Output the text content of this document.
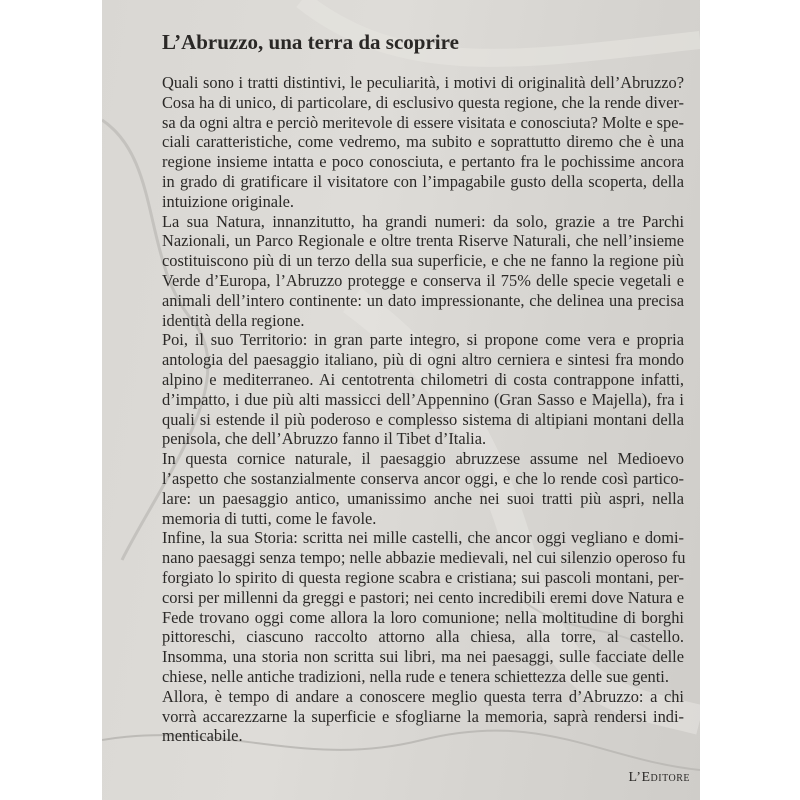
L’Abruzzo, una terra da scoprire
Quali sono i tratti distintivi, le peculiarità, i motivi di originalità dell’Abruzzo?
Cosa ha di unico, di particolare, di esclusivo questa regione, che la rende diver-
sa da ogni altra e perciò meritevole di essere visitata e conosciuta? Molte e spe-
ciali caratteristiche, come vedremo, ma subito e soprattutto diremo che è una
regione insieme intatta e poco conosciuta, e pertanto fra le pochissime ancora
in grado di gratificare il visitatore con l’impagabile gusto della scoperta, della
intuizione originale.
La sua Natura, innanzitutto, ha grandi numeri: da solo, grazie a tre Parchi
Nazionali, un Parco Regionale e oltre trenta Riserve Naturali, che nell’insieme
costituiscono più di un terzo della sua superficie, e che ne fanno la regione più
Verde d’Europa, l’Abruzzo protegge e conserva il 75% delle specie vegetali e
animali dell’intero continente: un dato impressionante, che delinea una precisa
identità della regione.
Poi, il suo Territorio: in gran parte integro, si propone come vera e propria
antologia del paesaggio italiano, più di ogni altro cerniera e sintesi fra mondo
alpino e mediterraneo. Ai centotrenta chilometri di costa contrappone infatti,
d’impatto, i due più alti massicci dell’Appennino (Gran Sasso e Majella), fra i
quali si estende il più poderoso e complesso sistema di altipiani montani della
penisola, che dell’Abruzzo fanno il Tibet d’Italia.
In questa cornice naturale, il paesaggio abruzzese assume nel Medioevo
l’aspetto che sostanzialmente conserva ancor oggi, e che lo rende così partico-
lare: un paesaggio antico, umanissimo anche nei suoi tratti più aspri, nella
memoria di tutti, come le favole.
Infine, la sua Storia: scritta nei mille castelli, che ancor oggi vegliano e domi-
nano paesaggi senza tempo; nelle abbazie medievali, nel cui silenzio operoso fu
forgiato lo spirito di questa regione scabra e cristiana; sui pascoli montani, per-
corsi per millenni da greggi e pastori; nei cento incredibili eremi dove Natura e
Fede trovano oggi come allora la loro comunione; nella moltitudine di borghi
pittoreschi, ciascuno raccolto attorno alla chiesa, alla torre, al castello.
Insomma, una storia non scritta sui libri, ma nei paesaggi, sulle facciate delle
chiese, nelle antiche tradizioni, nella rude e tenera schiettezza delle sue genti.
Allora, è tempo di andare a conoscere meglio questa terra d’Abruzzo: a chi
vorrà accarezzarne la superficie e sfogliarne la memoria, saprà rendersi indi-
menticabile.
L’Editore
